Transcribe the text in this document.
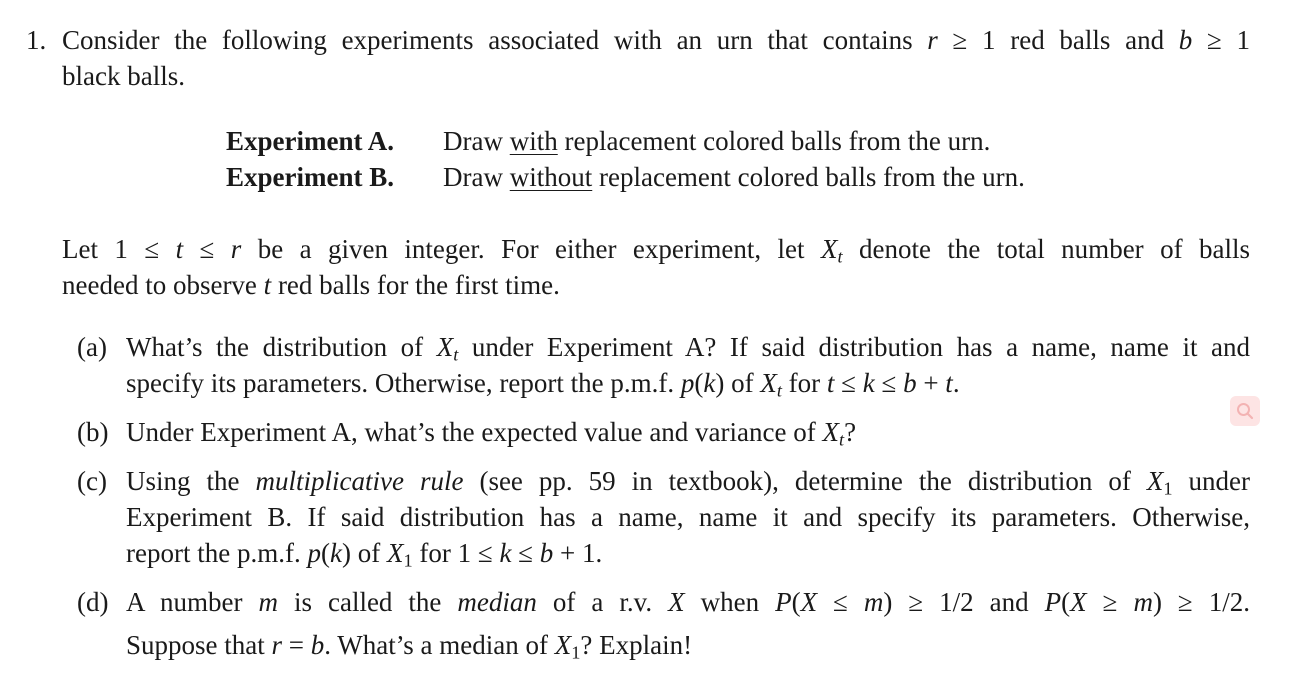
1. Consider the following experiments associated with an urn that contains r ≥ 1 red balls and b ≥ 1
black balls.
Experiment A. Draw with replacement colored balls from the urn.
Experiment B. Draw without replacement colored balls from the urn.
Let 1 ≤ t ≤ r be a given integer. For either experiment, let $X_t$ denote the total number of balls
needed to observe t red balls for the first time.
(a) What’s the distribution of $X_t$ under Experiment A? If said distribution has a name, name it and
specify its parameters. Otherwise, report the p.m.f. p(k) of $X_t$ for t ≤ k ≤ b + t.
(b) Under Experiment A, what’s the expected value and variance of $X_t$?
(c) Using the multiplicative rule (see pp. 59 in textbook), determine the distribution of $X_1$ under
Experiment B. If said distribution has a name, name it and specify its parameters. Otherwise,
report the p.m.f. p(k) of $X_1$ for 1 ≤ k ≤ b + 1.
(d) A number m is called the median of a r.v. X when P(X ≤ m) ≥ 1/2 and P(X ≥ m) ≥ 1/2.
Suppose that r = b. What’s a median of $X_1$? Explain!
